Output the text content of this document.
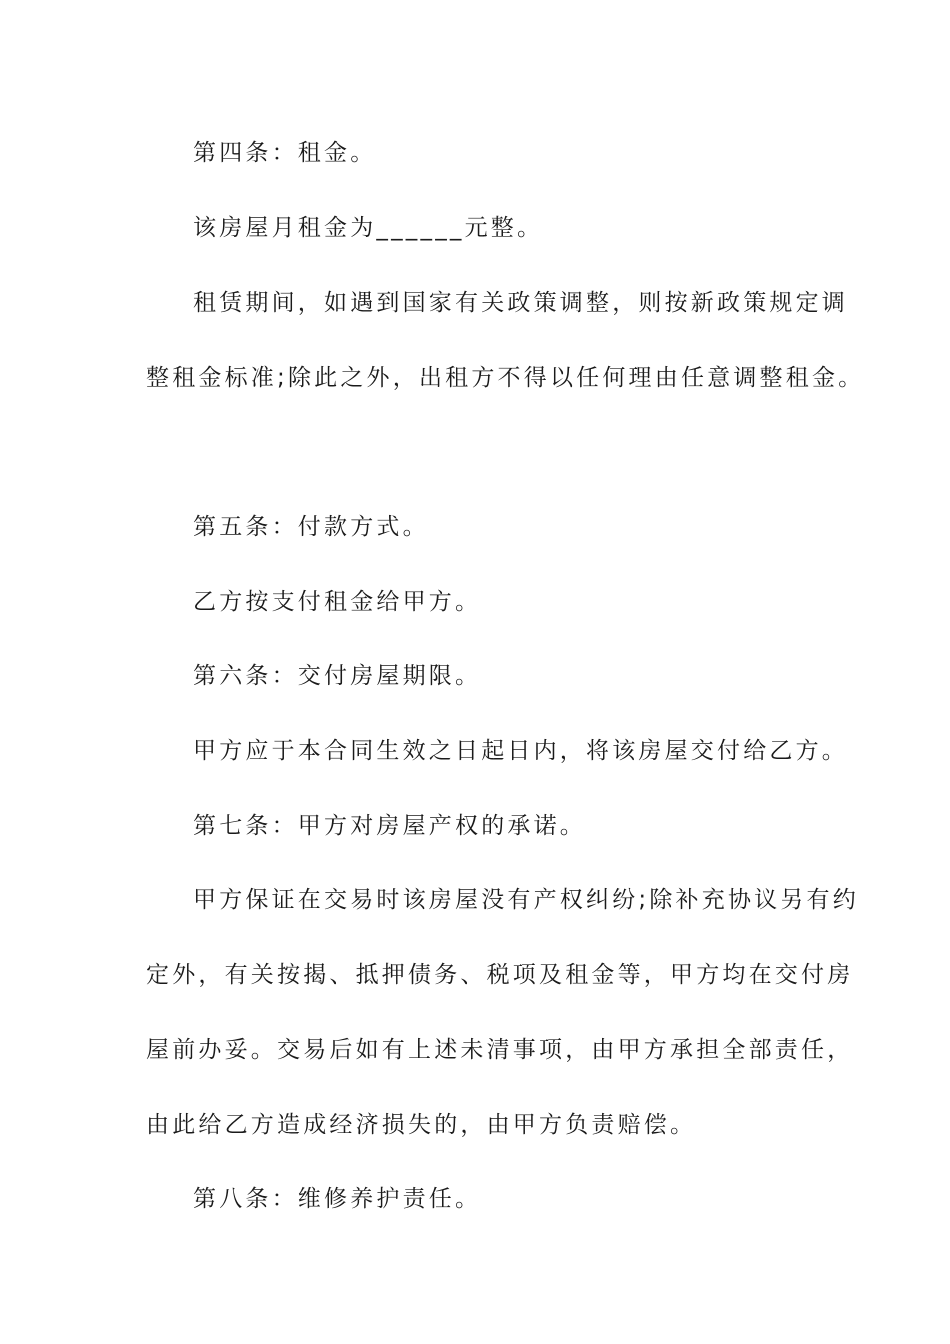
第四条：租金。
该房屋月租金为______元整。
租赁期间，如遇到国家有关政策调整，则按新政策规定调
整租金标准;除此之外，出租方不得以任何理由任意调整租金。
第五条：付款方式。
乙方按支付租金给甲方。
第六条：交付房屋期限。
甲方应于本合同生效之日起日内，将该房屋交付给乙方。
第七条：甲方对房屋产权的承诺。
甲方保证在交易时该房屋没有产权纠纷;除补充协议另有约
定外，有关按揭、抵押债务、税项及租金等，甲方均在交付房
屋前办妥。交易后如有上述未清事项，由甲方承担全部责任，
由此给乙方造成经济损失的，由甲方负责赔偿。
第八条：维修养护责任。
